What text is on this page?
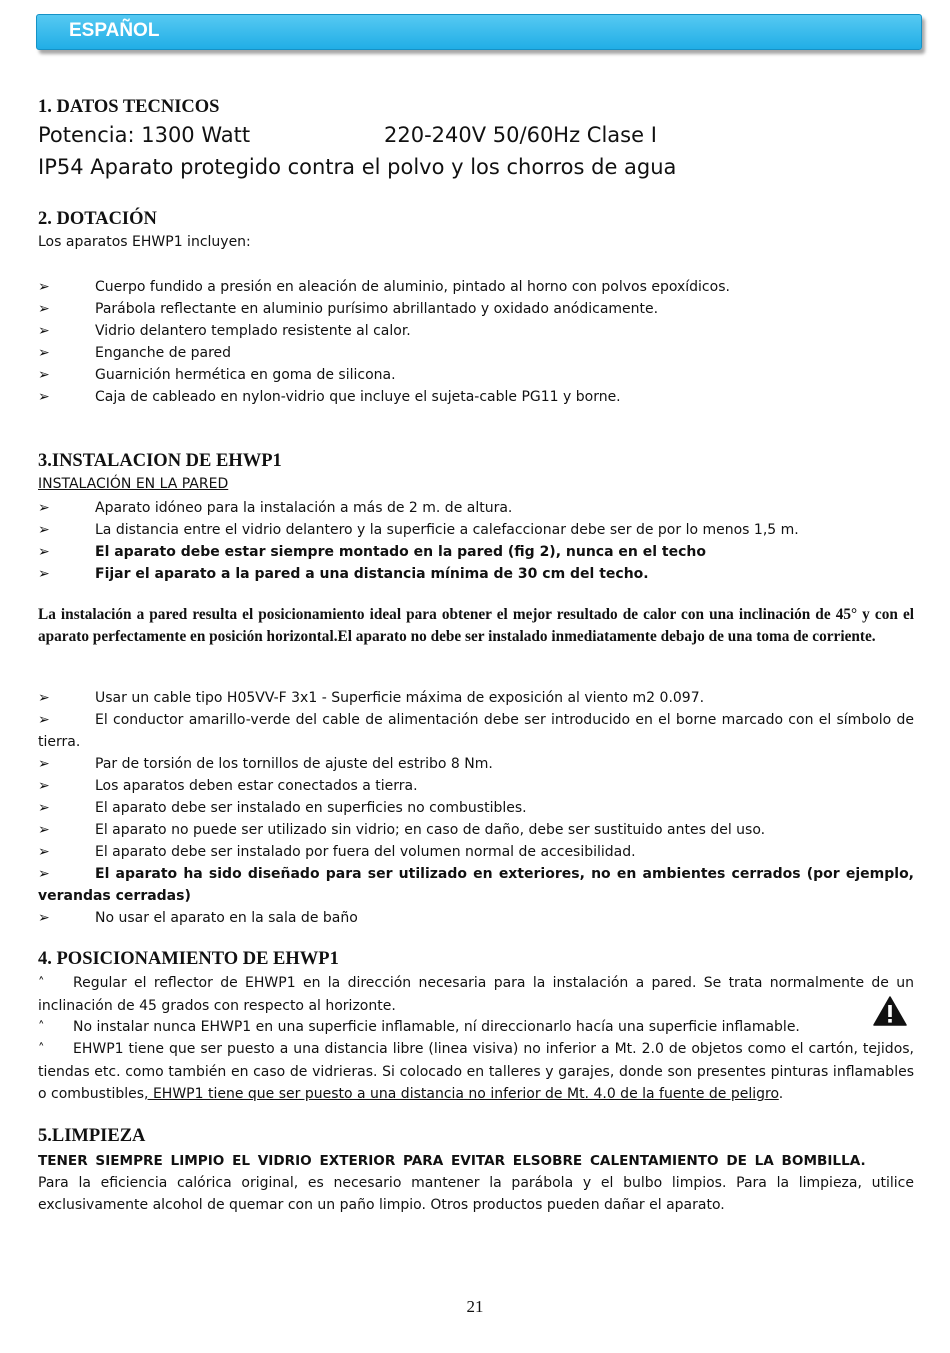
ESPAÑOL
1. DATOS TECNICOS
Potencia: 1300 Watt	220-240V 50/60Hz Clase I
IP54 Aparato protegido contra el polvo y los chorros de agua
2. DOTACIÓN
Los aparatos EHWP1 incluyen:
➢	Cuerpo fundido a presión en aleación de aluminio, pintado al horno con polvos epoxídicos.
➢	Parábola reflectante en aluminio purísimo abrillantado y oxidado anódicamente.
➢	Vidrio delantero templado resistente al calor.
➢	Enganche de pared
➢	Guarnición hermética en goma de silicona.
➢	Caja de cableado en nylon-vidrio que incluye el sujeta-cable PG11 y borne.
3.INSTALACION DE EHWP1
INSTALACIÓN EN LA PARED
➢	Aparato idóneo para la instalación a más de 2 m. de altura.
➢	La distancia entre el vidrio delantero y la superficie a calefaccionar debe ser de por lo menos 1,5 m.
➢	El aparato debe estar siempre montado en la pared (fig 2), nunca en el techo
➢	Fijar el aparato a la pared a una distancia mínima de 30 cm del techo.
La instalación a pared resulta el posicionamiento ideal para obtener el mejor resultado de calor con una inclinación de 45° y con el aparato perfectamente en posición horizontal.El aparato no debe ser instalado inmediatamente debajo de una toma de corriente.
➢	Usar un cable tipo H05VV-F 3x1 - Superficie máxima de exposición al viento m2 0.097.
➢	El conductor amarillo-verde del cable de alimentación debe ser introducido en el borne marcado con el símbolo de tierra.
➢	Par de torsión de los tornillos de ajuste del estribo 8 Nm.
➢	Los aparatos deben estar conectados a tierra.
➢	El aparato debe ser instalado en superficies no combustibles.
➢	El aparato no puede ser utilizado sin vidrio; en caso de daño, debe ser sustituido antes del uso.
➢	El aparato debe ser instalado por fuera del volumen normal de accesibilidad.
➢	El aparato ha sido diseñado para ser utilizado en exteriores, no en ambientes cerrados (por ejemplo, verandas cerradas)
➢	No usar el aparato en la sala de baño
4. POSICIONAMIENTO DE EHWP1
˄ Regular el reflector de EHWP1 en la dirección necesaria para la instalación a pared. Se trata normalmente de un inclinación de 45 grados con respecto al horizonte.
˄ No instalar nunca EHWP1 en una superficie inflamable, ní direccionarlo hacía una superficie inflamable.
˄ EHWP1 tiene que ser puesto a una distancia libre (linea visiva) no inferior a Mt. 2.0 de objetos como el cartón, tejidos, tiendas etc. como también en caso de vidrieras. Si colocado en talleres y garajes, donde son presentes pinturas inflamables o combustibles, EHWP1 tiene que ser puesto a una distancia no inferior de Mt. 4.0 de la fuente de peligro.
5.LIMPIEZA
TENER SIEMPRE LIMPIO EL VIDRIO EXTERIOR PARA EVITAR ELSOBRE CALENTAMIENTO DE LA BOMBILLA.
Para la eficiencia calórica original, es necesario mantener la parábola y el bulbo limpios. Para la limpieza, utilice exclusivamente alcohol de quemar con un paño limpio. Otros productos pueden dañar el aparato.
21
